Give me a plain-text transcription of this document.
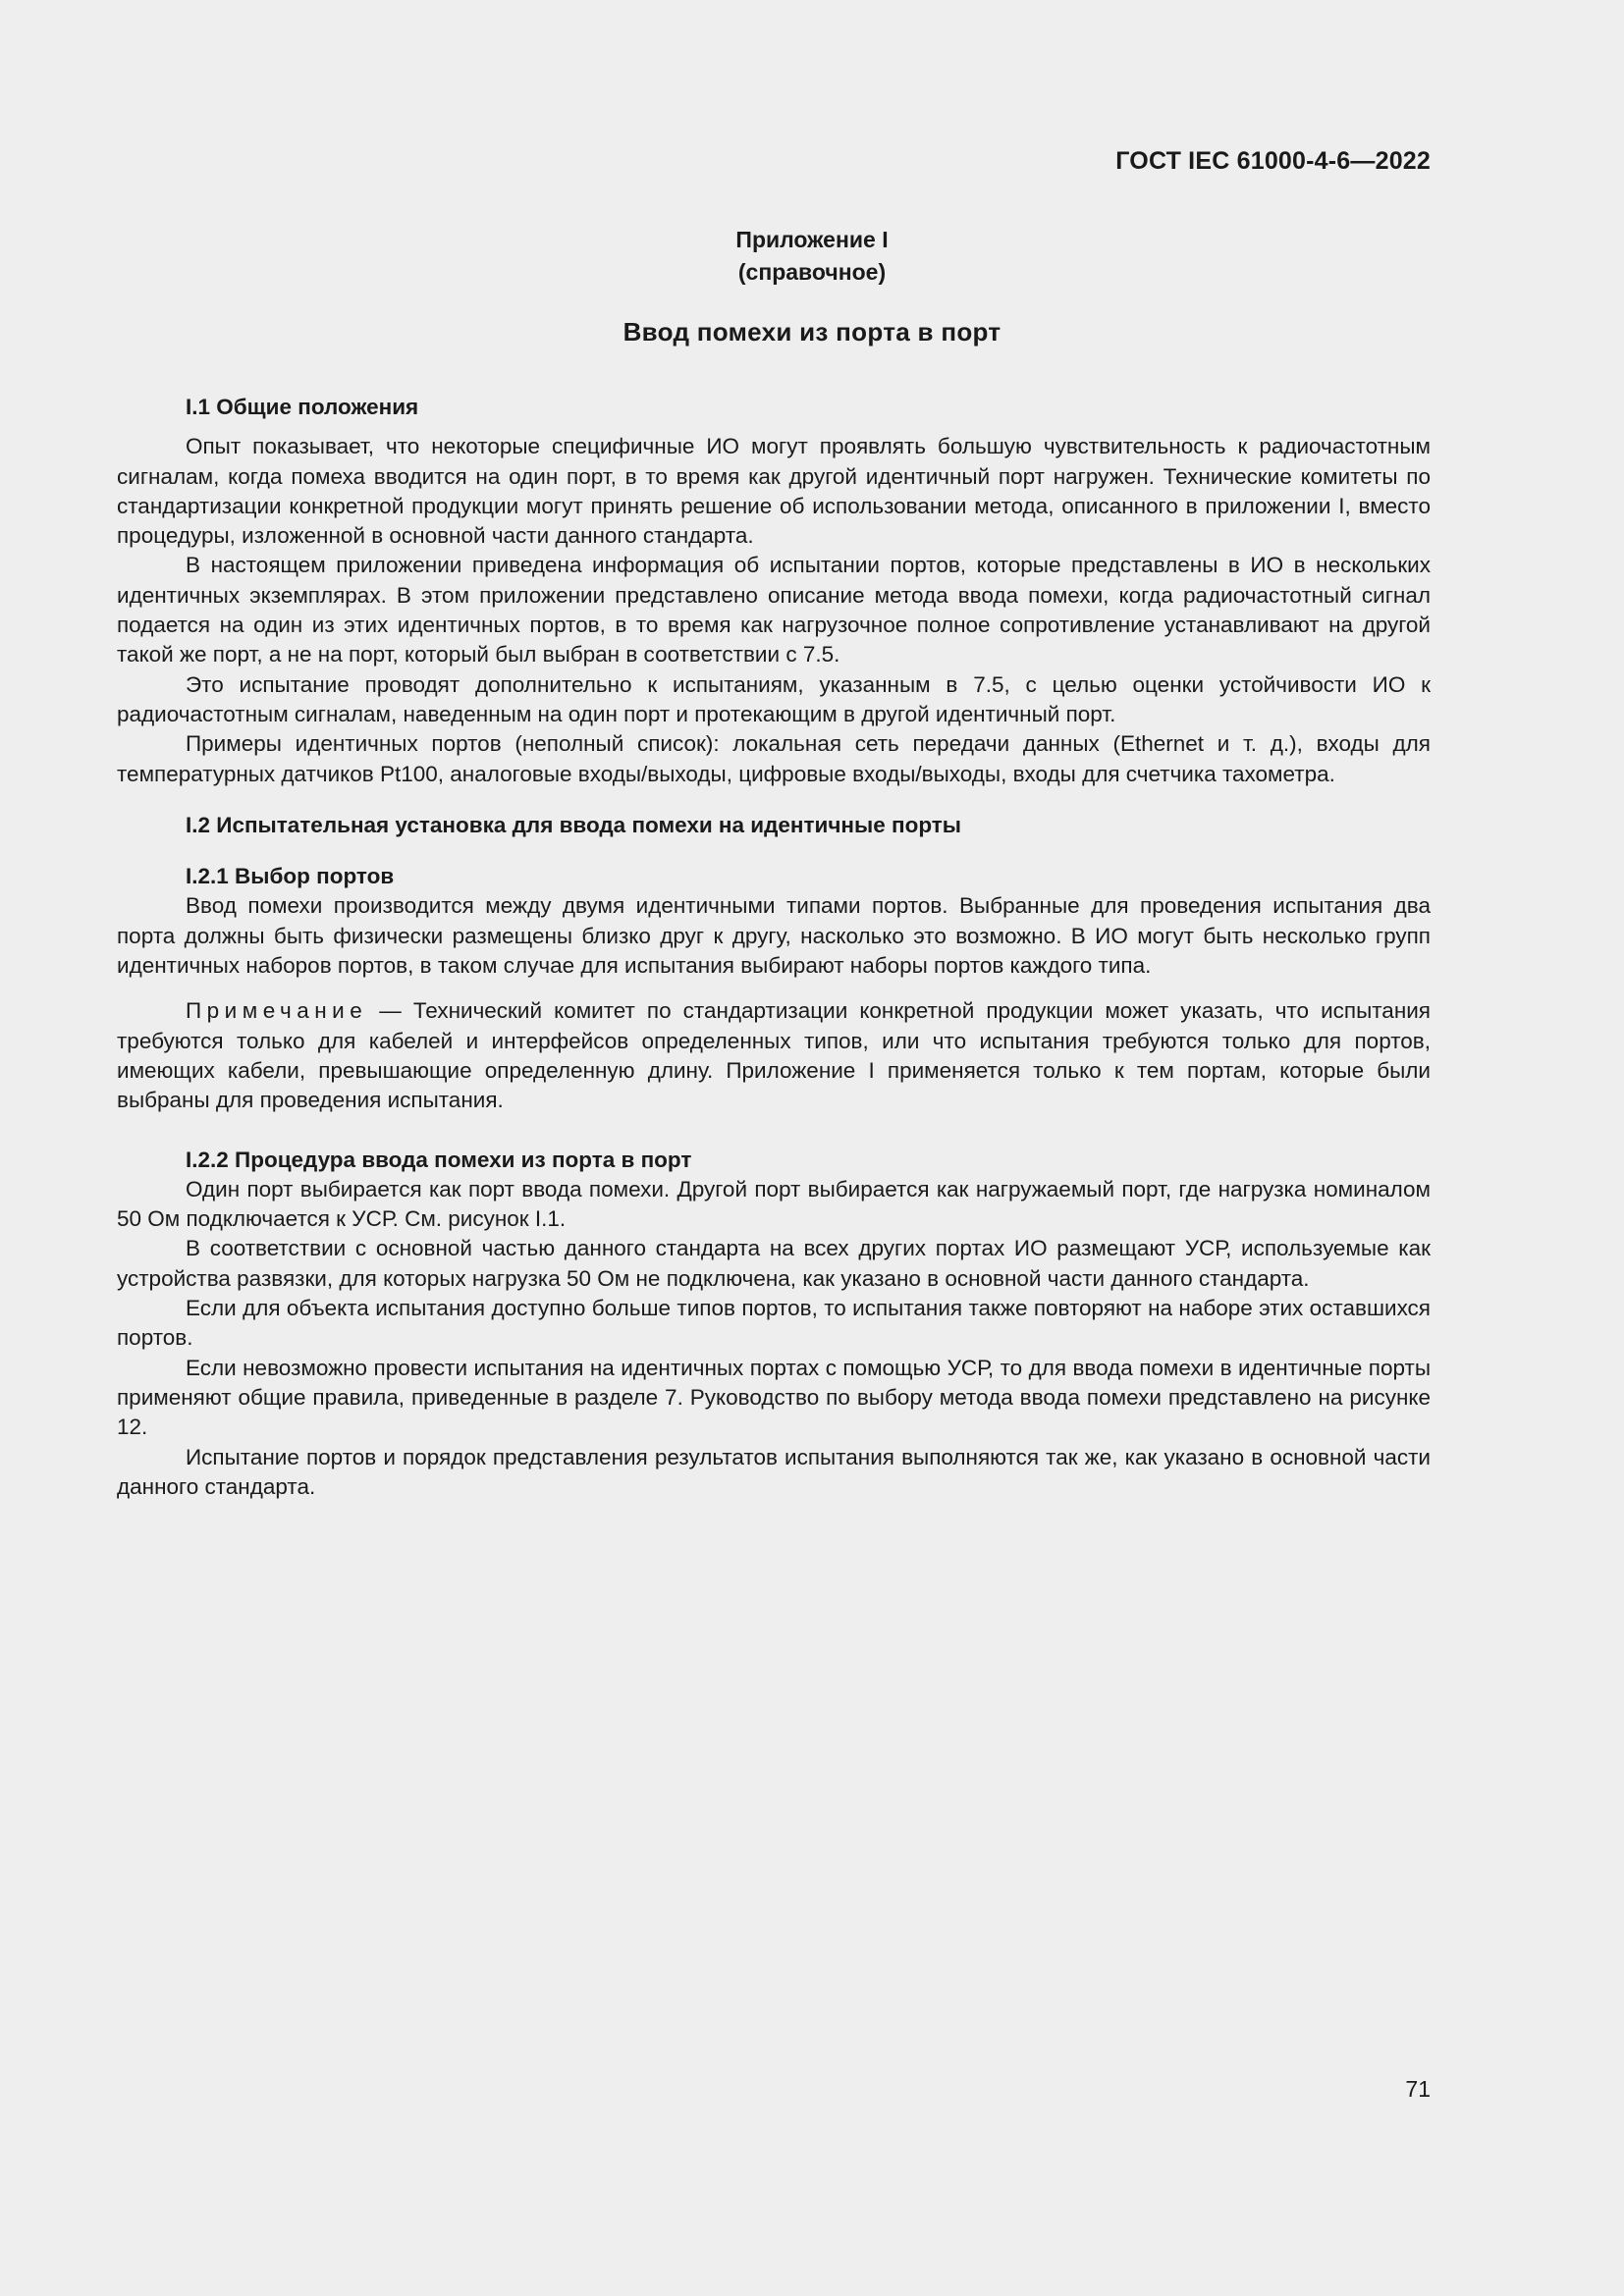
ГОСТ IEC 61000-4-6—2022
Приложение I
(справочное)
Ввод помехи из порта в порт

I.1 Общие положения

Опыт показывает, что некоторые специфичные ИО могут проявлять большую чувствительность к радиочастотным сигналам, когда помеха вводится на один порт, в то время как другой идентичный порт нагружен. Технические комитеты по стандартизации конкретной продукции могут принять решение об использовании метода, описанного в приложении I, вместо процедуры, изложенной в основной части данного стандарта.

В настоящем приложении приведена информация об испытании портов, которые представлены в ИО в нескольких идентичных экземплярах. В этом приложении представлено описание метода ввода помехи, когда радиочастотный сигнал подается на один из этих идентичных портов, в то время как нагрузочное полное сопротивление устанавливают на другой такой же порт, а не на порт, который был выбран в соответствии с 7.5.

Это испытание проводят дополнительно к испытаниям, указанным в 7.5, с целью оценки устойчивости ИО к радиочастотным сигналам, наведенным на один порт и протекающим в другой идентичный порт.

Примеры идентичных портов (неполный список): локальная сеть передачи данных (Ethernet и т. д.), входы для температурных датчиков Pt100, аналоговые входы/выходы, цифровые входы/выходы, входы для счетчика тахометра.

I.2 Испытательная установка для ввода помехи на идентичные порты

I.2.1 Выбор портов

Ввод помехи производится между двумя идентичными типами портов. Выбранные для проведения испытания два порта должны быть физически размещены близко друг к другу, насколько это возможно. В ИО могут быть несколько групп идентичных наборов портов, в таком случае для испытания выбирают наборы портов каждого типа.

Примечание — Технический комитет по стандартизации конкретной продукции может указать, что испытания требуются только для кабелей и интерфейсов определенных типов, или что испытания требуются только для портов, имеющих кабели, превышающие определенную длину. Приложение I применяется только к тем портам, которые были выбраны для проведения испытания.

I.2.2 Процедура ввода помехи из порта в порт

Один порт выбирается как порт ввода помехи. Другой порт выбирается как нагружаемый порт, где нагрузка номиналом 50 Ом подключается к УСР. См. рисунок I.1.

В соответствии с основной частью данного стандарта на всех других портах ИО размещают УСР, используемые как устройства развязки, для которых нагрузка 50 Ом не подключена, как указано в основной части данного стандарта.

Если для объекта испытания доступно больше типов портов, то испытания также повторяют на наборе этих оставшихся портов.

Если невозможно провести испытания на идентичных портах с помощью УСР, то для ввода помехи в идентичные порты применяют общие правила, приведенные в разделе 7. Руководство по выбору метода ввода помехи представлено на рисунке 12.

Испытание портов и порядок представления результатов испытания выполняются так же, как указано в основной части данного стандарта.

71
